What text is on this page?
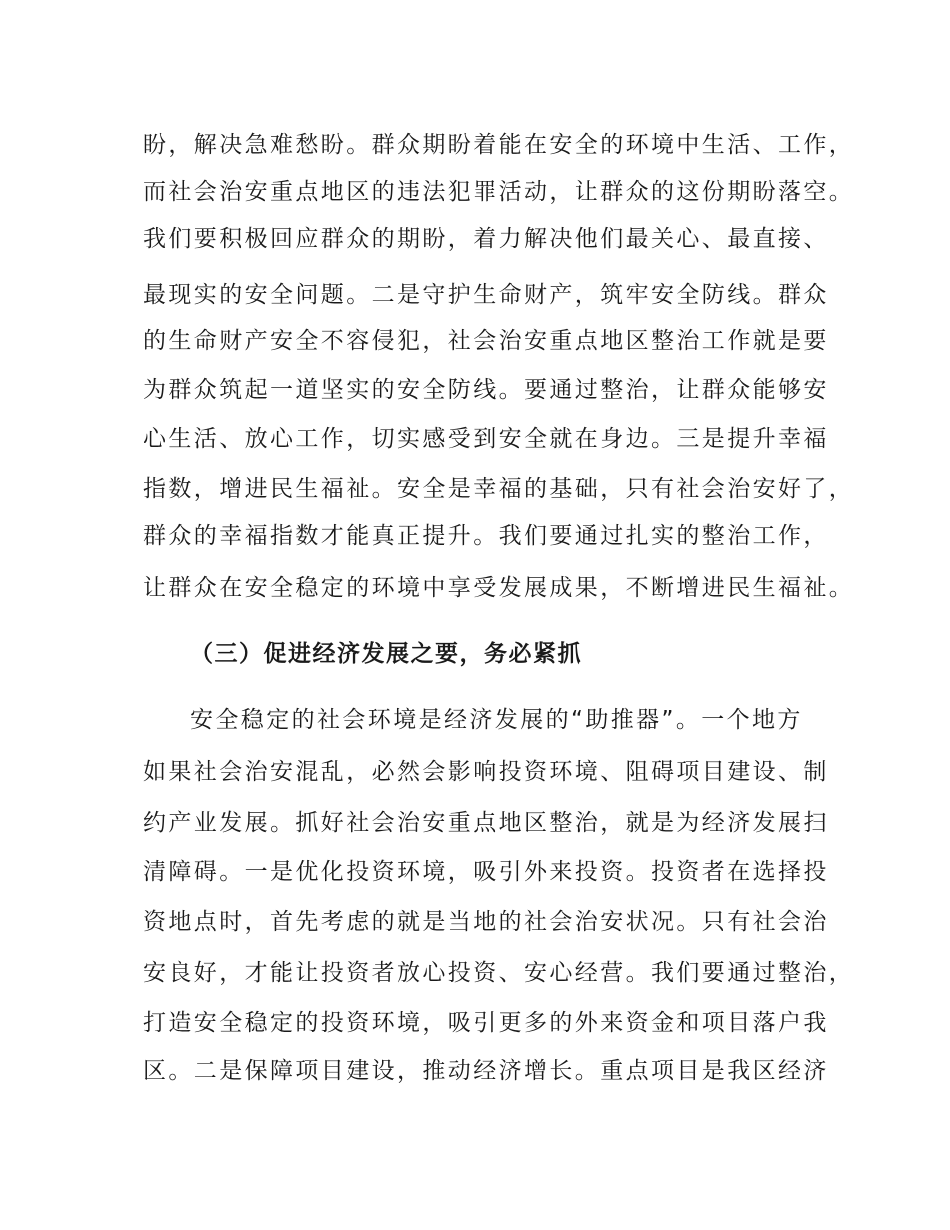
盼，解决急难愁盼。群众期盼着能在安全的环境中生活、工作，
而社会治安重点地区的违法犯罪活动，让群众的这份期盼落空。
我们要积极回应群众的期盼，着力解决他们最关心、最直接、
最现实的安全问题。二是守护生命财产，筑牢安全防线。群众
的生命财产安全不容侵犯，社会治安重点地区整治工作就是要
为群众筑起一道坚实的安全防线。要通过整治，让群众能够安
心生活、放心工作，切实感受到安全就在身边。三是提升幸福
指数，增进民生福祉。安全是幸福的基础，只有社会治安好了，
群众的幸福指数才能真正提升。我们要通过扎实的整治工作，
让群众在安全稳定的环境中享受发展成果，不断增进民生福祉。
（三）促进经济发展之要，务必紧抓
安全稳定的社会环境是经济发展的“助推器”。一个地方
如果社会治安混乱，必然会影响投资环境、阻碍项目建设、制
约产业发展。抓好社会治安重点地区整治，就是为经济发展扫
清障碍。一是优化投资环境，吸引外来投资。投资者在选择投
资地点时，首先考虑的就是当地的社会治安状况。只有社会治
安良好，才能让投资者放心投资、安心经营。我们要通过整治，
打造安全稳定的投资环境，吸引更多的外来资金和项目落户我
区。二是保障项目建设，推动经济增长。重点项目是我区经济
